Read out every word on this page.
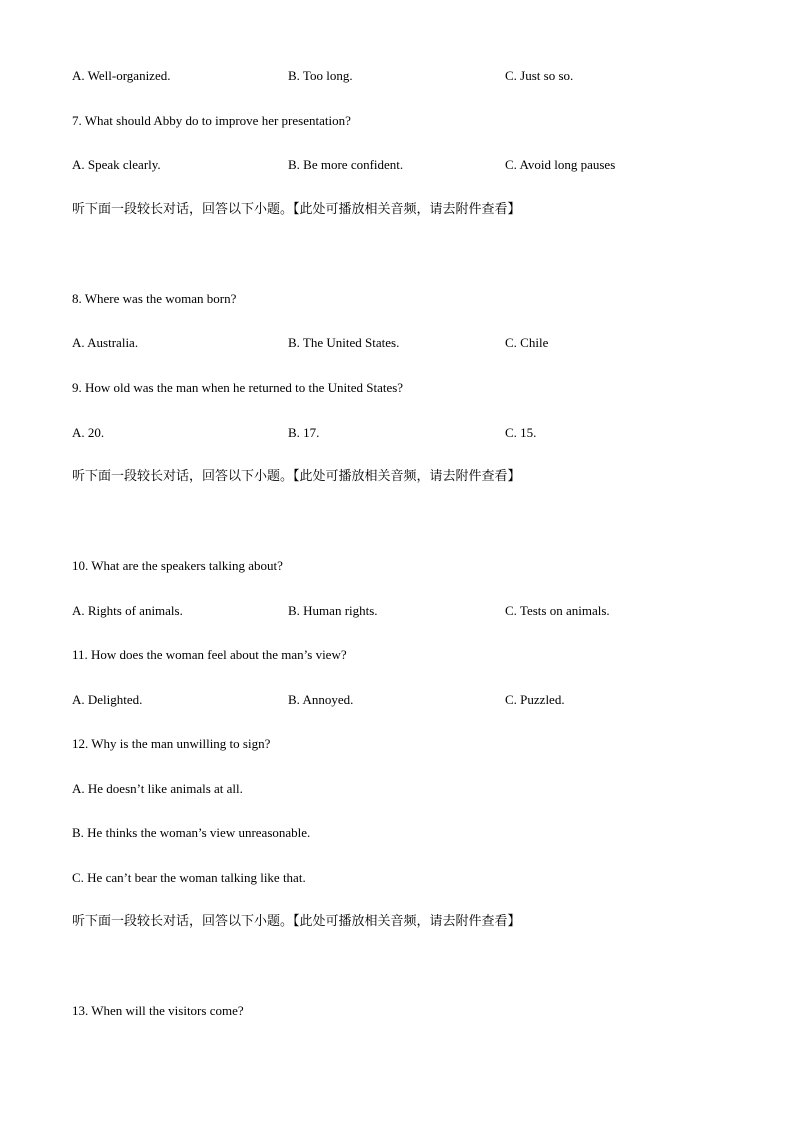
A. Well-organized.	B. Too long.	C. Just so so.
7. What should Abby do to improve her presentation?
A. Speak clearly.	B. Be more confident.	C. Avoid long pauses
听下面一段较长对话，回答以下小题。【此处可播放相关音频，请去附件查看】
8. Where was the woman born?
A. Australia.	B. The United States.	C. Chile
9. How old was the man when he returned to the United States?
A. 20.	B. 17.	C. 15.
听下面一段较长对话，回答以下小题。【此处可播放相关音频，请去附件查看】
10. What are the speakers talking about?
A. Rights of animals.	B. Human rights.	C. Tests on animals.
11. How does the woman feel about the man’s view?
A. Delighted.	B. Annoyed.	C. Puzzled.
12. Why is the man unwilling to sign?
A. He doesn’t like animals at all.
B. He thinks the woman’s view unreasonable.
C. He can’t bear the woman talking like that.
听下面一段较长对话，回答以下小题。【此处可播放相关音频，请去附件查看】
13. When will the visitors come?
